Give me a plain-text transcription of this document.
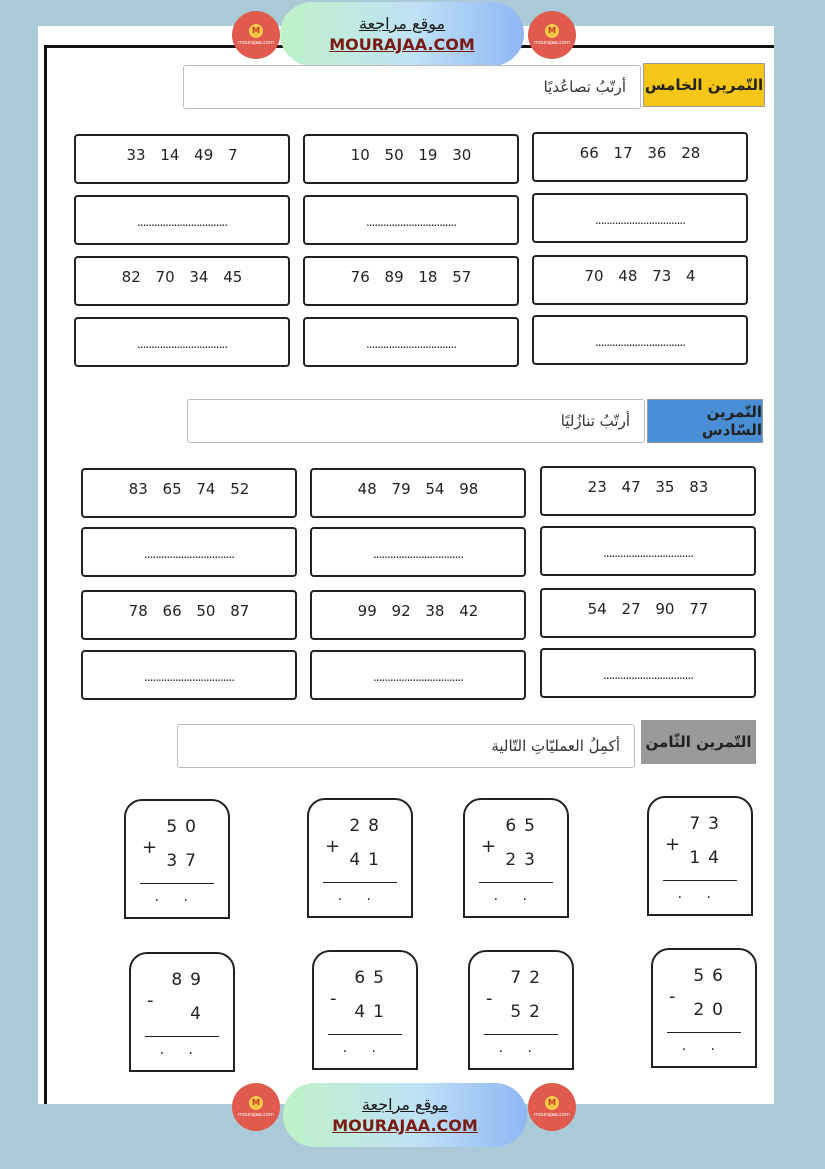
M
mourajaa.com
موقع مراجعة
MOURAJAA.COM
M
mourajaa.com
التّمرين الخامس
أرتّبُ تصاعُديًا
66 17 36 28
10 50 19 30
33 14 49 7
................................
................................
................................
70 48 73 4
76 89 18 57
82 70 34 45
................................
................................
................................
التّمرين السّادس
أرتّبُ تنازُليًا
23 47 35 83
48 79 54 98
83 65 74 52
................................
................................
................................
54 27 90 77
99 92 38 42
78 66 50 87
................................
................................
................................
التّمرين الثّامن
أكمِلُ العمليّاتِ التّالية
73
+
14
. .
65
+
23
. .
28
+
41
. .
50
+
37
. .
56
-
20
. .
72
-
52
. .
65
-
41
. .
89
-
4
. .
M
mourajaa.com
موقع مراجعة
MOURAJAA.COM
M
mourajaa.com
